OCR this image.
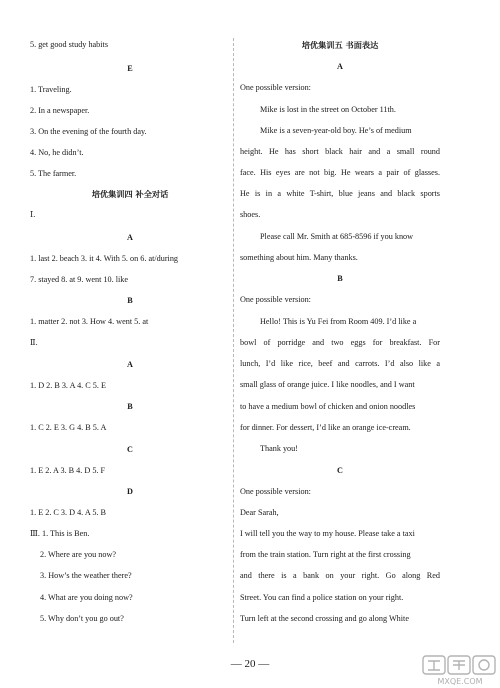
5. get good study habits
E
1. Traveling.
2. In a newspaper.
3. On the evening of the fourth day.
4. No, he didn’t.
5. The farmer.
培优集训四 补全对话
Ⅰ.
A
1. last 2. beach 3. it 4. With 5. on 6. at/during
7. stayed 8. at 9. went 10. like
B
1. matter 2. not 3. How 4. went 5. at
Ⅱ.
A
1. D 2. B 3. A 4. C 5. E
B
1. C 2. E 3. G 4. B 5. A
C
1. E 2. A 3. B 4. D 5. F
D
1. E 2. C 3. D 4. A 5. B
Ⅲ. 1. This is Ben.
2. Where are you now?
3. How’s the weather there?
4. What are you doing now?
5. Why don’t you go out?
培优集训五 书面表达
A
One possible version:
Mike is lost in the street on October 11th.
Mike is a seven-year-old boy. He’s of medium
height. He has short black hair and a small round
face. His eyes are not big. He wears a pair of glasses.
He is in a white T-shirt, blue jeans and black sports
shoes.
Please call Mr. Smith at 685-8596 if you know
something about him. Many thanks.
B
One possible version:
Hello! This is Yu Fei from Room 409. I’d like a
bowl of porridge and two eggs for breakfast. For
lunch, I’d like rice, beef and carrots. I’d also like a
small glass of orange juice. I like noodles, and I want
to have a medium bowl of chicken and onion noodles
for dinner. For dessert, I’d like an orange ice-cream.
Thank you!
C
One possible version:
Dear Sarah,
I will tell you the way to my house. Please take a taxi
from the train station. Turn right at the first crossing
and there is a bank on your right. Go along Red
Street. You can find a police station on your right.
Turn left at the second crossing and go along White
— 20 —
MXQE.COM
